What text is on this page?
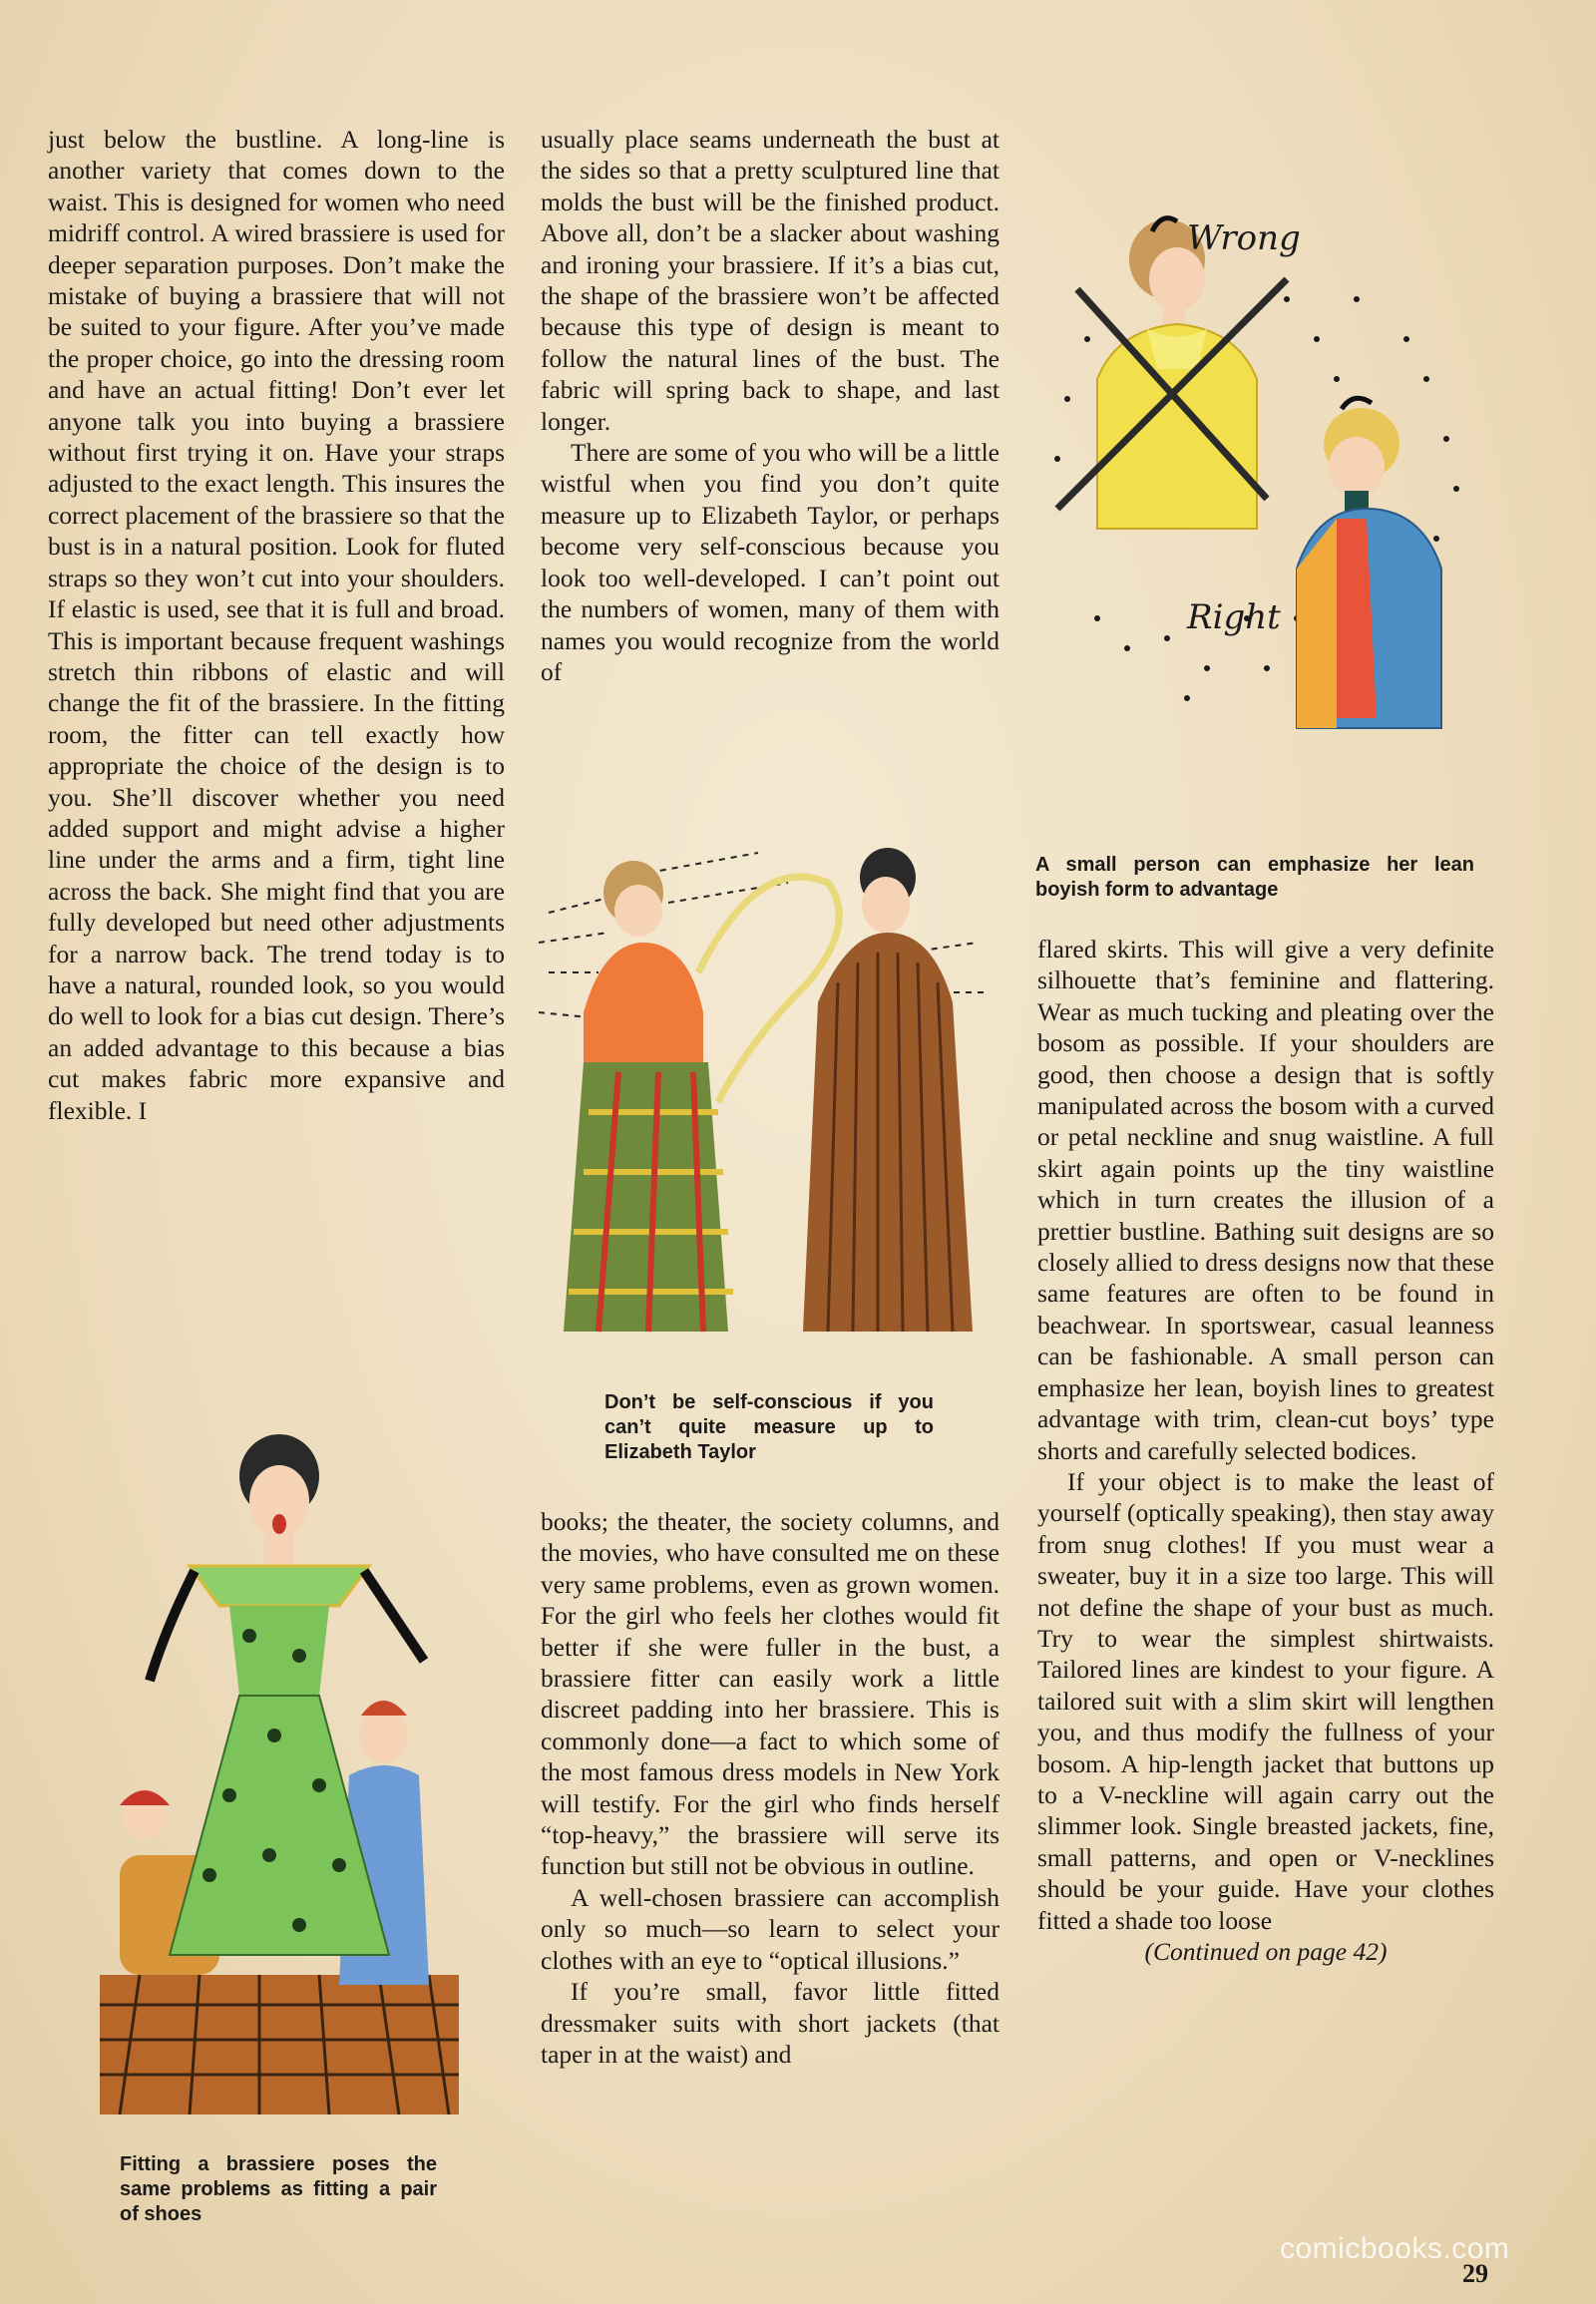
just below the bustline. A long-line is another variety that comes down to the waist. This is designed for women who need midriff control. A wired brassiere is used for deeper separation purposes. Don’t make the mistake of buying a brassiere that will not be suited to your figure. After you’ve made the proper choice, go into the dressing room and have an actual fitting! Don’t ever let anyone talk you into buying a brassiere without first trying it on. Have your straps adjusted to the exact length. This insures the correct placement of the brassiere so that the bust is in a natural position. Look for fluted straps so they won’t cut into your shoulders. If elastic is used, see that it is full and broad. This is important because frequent washings stretch thin ribbons of elastic and will change the fit of the brassiere. In the fitting room, the fitter can tell exactly how appropriate the choice of the design is to you. She’ll discover whether you need added support and might advise a higher line under the arms and a firm, tight line across the back. She might find that you are fully developed but need other adjustments for a narrow back. The trend today is to have a natural, rounded look, so you would do well to look for a bias cut design. There’s an added advantage to this because a bias cut makes fabric more expansive and flexible. I

usually place seams underneath the bust at the sides so that a pretty sculptured line that molds the bust will be the finished product. Above all, don’t be a slacker about washing and ironing your brassiere. If it’s a bias cut, the shape of the brassiere won’t be affected because this type of design is meant to follow the natural lines of the bust. The fabric will spring back to shape, and last longer.

There are some of you who will be a little wistful when you find you don’t quite measure up to Elizabeth Taylor, or perhaps become very self-conscious because you look too well-developed. I can’t point out the numbers of women, many of them with names you would recognize from the world of

books; the theater, the society columns, and the movies, who have consulted me on these very same problems, even as grown women. For the girl who feels her clothes would fit better if she were fuller in the bust, a brassiere fitter can easily work a little discreet padding into her brassiere. This is commonly done—a fact to which some of the most famous dress models in New York will testify. For the girl who finds herself “top-heavy,” the brassiere will serve its function but still not be obvious in outline.

A well-chosen brassiere can accomplish only so much—so learn to select your clothes with an eye to “optical illusions.”

If you’re small, favor little fitted dressmaker suits with short jackets (that taper in at the waist) and

flared skirts. This will give a very definite silhouette that’s feminine and flattering. Wear as much tucking and pleating over the bosom as possible. If your shoulders are good, then choose a design that is softly manipulated across the bosom with a curved or petal neckline and snug waistline. A full skirt again points up the tiny waistline which in turn creates the illusion of a prettier bustline. Bathing suit designs are so closely allied to dress designs now that these same features are often to be found in beachwear. In sportswear, casual leanness can be fashionable. A small person can emphasize her lean, boyish lines to greatest advantage with trim, clean-cut boys’ type shorts and carefully selected bodices.

If your object is to make the least of yourself (optically speaking), then stay away from snug clothes! If you must wear a sweater, buy it in a size too large. This will not define the shape of your bust as much. Try to wear the simplest shirtwaists. Tailored lines are kindest to your figure. A tailored suit with a slim skirt will lengthen you, and thus modify the fullness of your bosom. A hip-length jacket that buttons up to a V-neckline will again carry out the slimmer look. Single breasted jackets, fine, small patterns, and open or V-necklines should be your guide. Have your clothes fitted a shade too loose

(Continued on page 42)

A small person can emphasize her lean boyish form to advantage
Don’t be self-conscious if you can’t quite measure up to Elizabeth Taylor
Fitting a brassiere poses the same problems as fitting a pair of shoes
Wrong
Right
29
comicbooks.com
